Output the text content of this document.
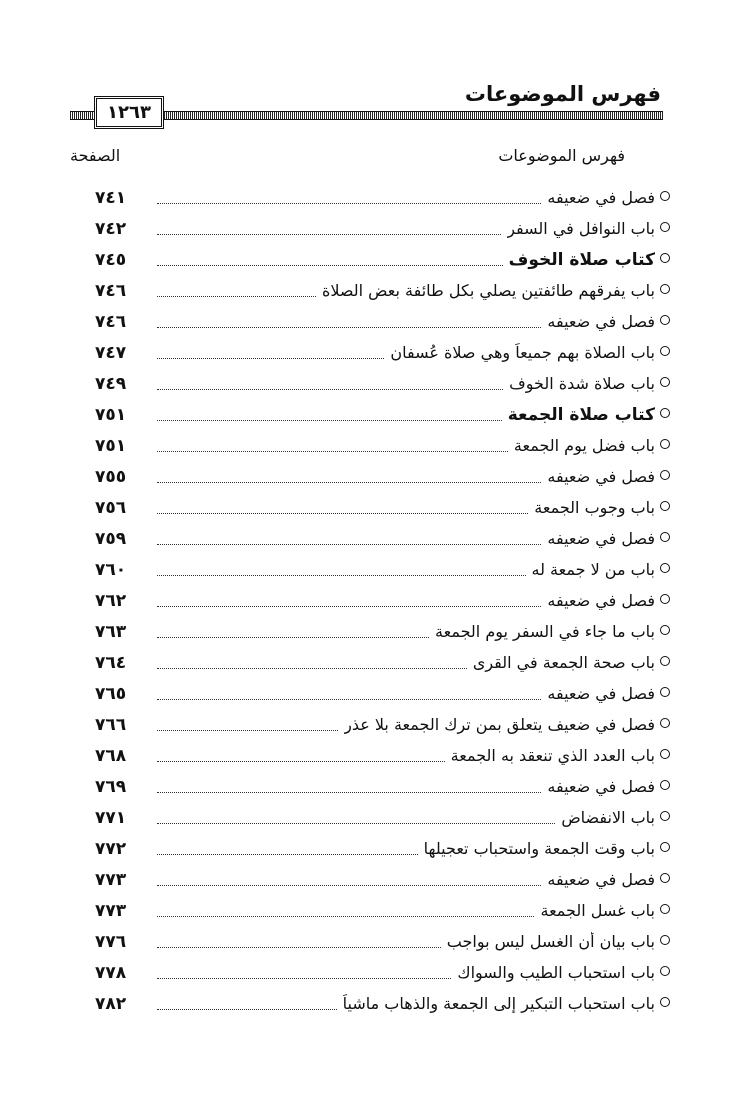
فهرس الموضوعات
١٢٦٣
فهرس الموضوعات
الصفحة
٧٤١	فصل في ضعيفه
٧٤٢	باب النوافل في السفر
٧٤٥	كتاب صلاة الخوف
٧٤٦	باب يفرقهم طائفتين يصلي بكل طائفة بعض الصلاة
٧٤٦	فصل في ضعيفه
٧٤٧	باب الصلاة بهم جميعاً وهي صلاة عُسفان
٧٤٩	باب صلاة شدة الخوف
٧٥١	كتاب صلاة الجمعة
٧٥١	باب فضل يوم الجمعة
٧٥٥	فصل في ضعيفه
٧٥٦	باب وجوب الجمعة
٧٥٩	فصل في ضعيفه
٧٦٠	باب من لا جمعة له
٧٦٢	فصل في ضعيفه
٧٦٣	باب ما جاء في السفر يوم الجمعة
٧٦٤	باب صحة الجمعة في القرى
٧٦٥	فصل في ضعيفه
٧٦٦	فصل في ضعيف يتعلق بمن ترك الجمعة بلا عذر
٧٦٨	باب العدد الذي تنعقد به الجمعة
٧٦٩	فصل في ضعيفه
٧٧١	باب الانفضاض
٧٧٢	باب وقت الجمعة واستحباب تعجيلها
٧٧٣	فصل في ضعيفه
٧٧٣	باب غسل الجمعة
٧٧٦	باب بيان أن الغسل ليس بواجب
٧٧٨	باب استحباب الطيب والسواك
٧٨٢	باب استحباب التبكير إلى الجمعة والذهاب ماشياً
